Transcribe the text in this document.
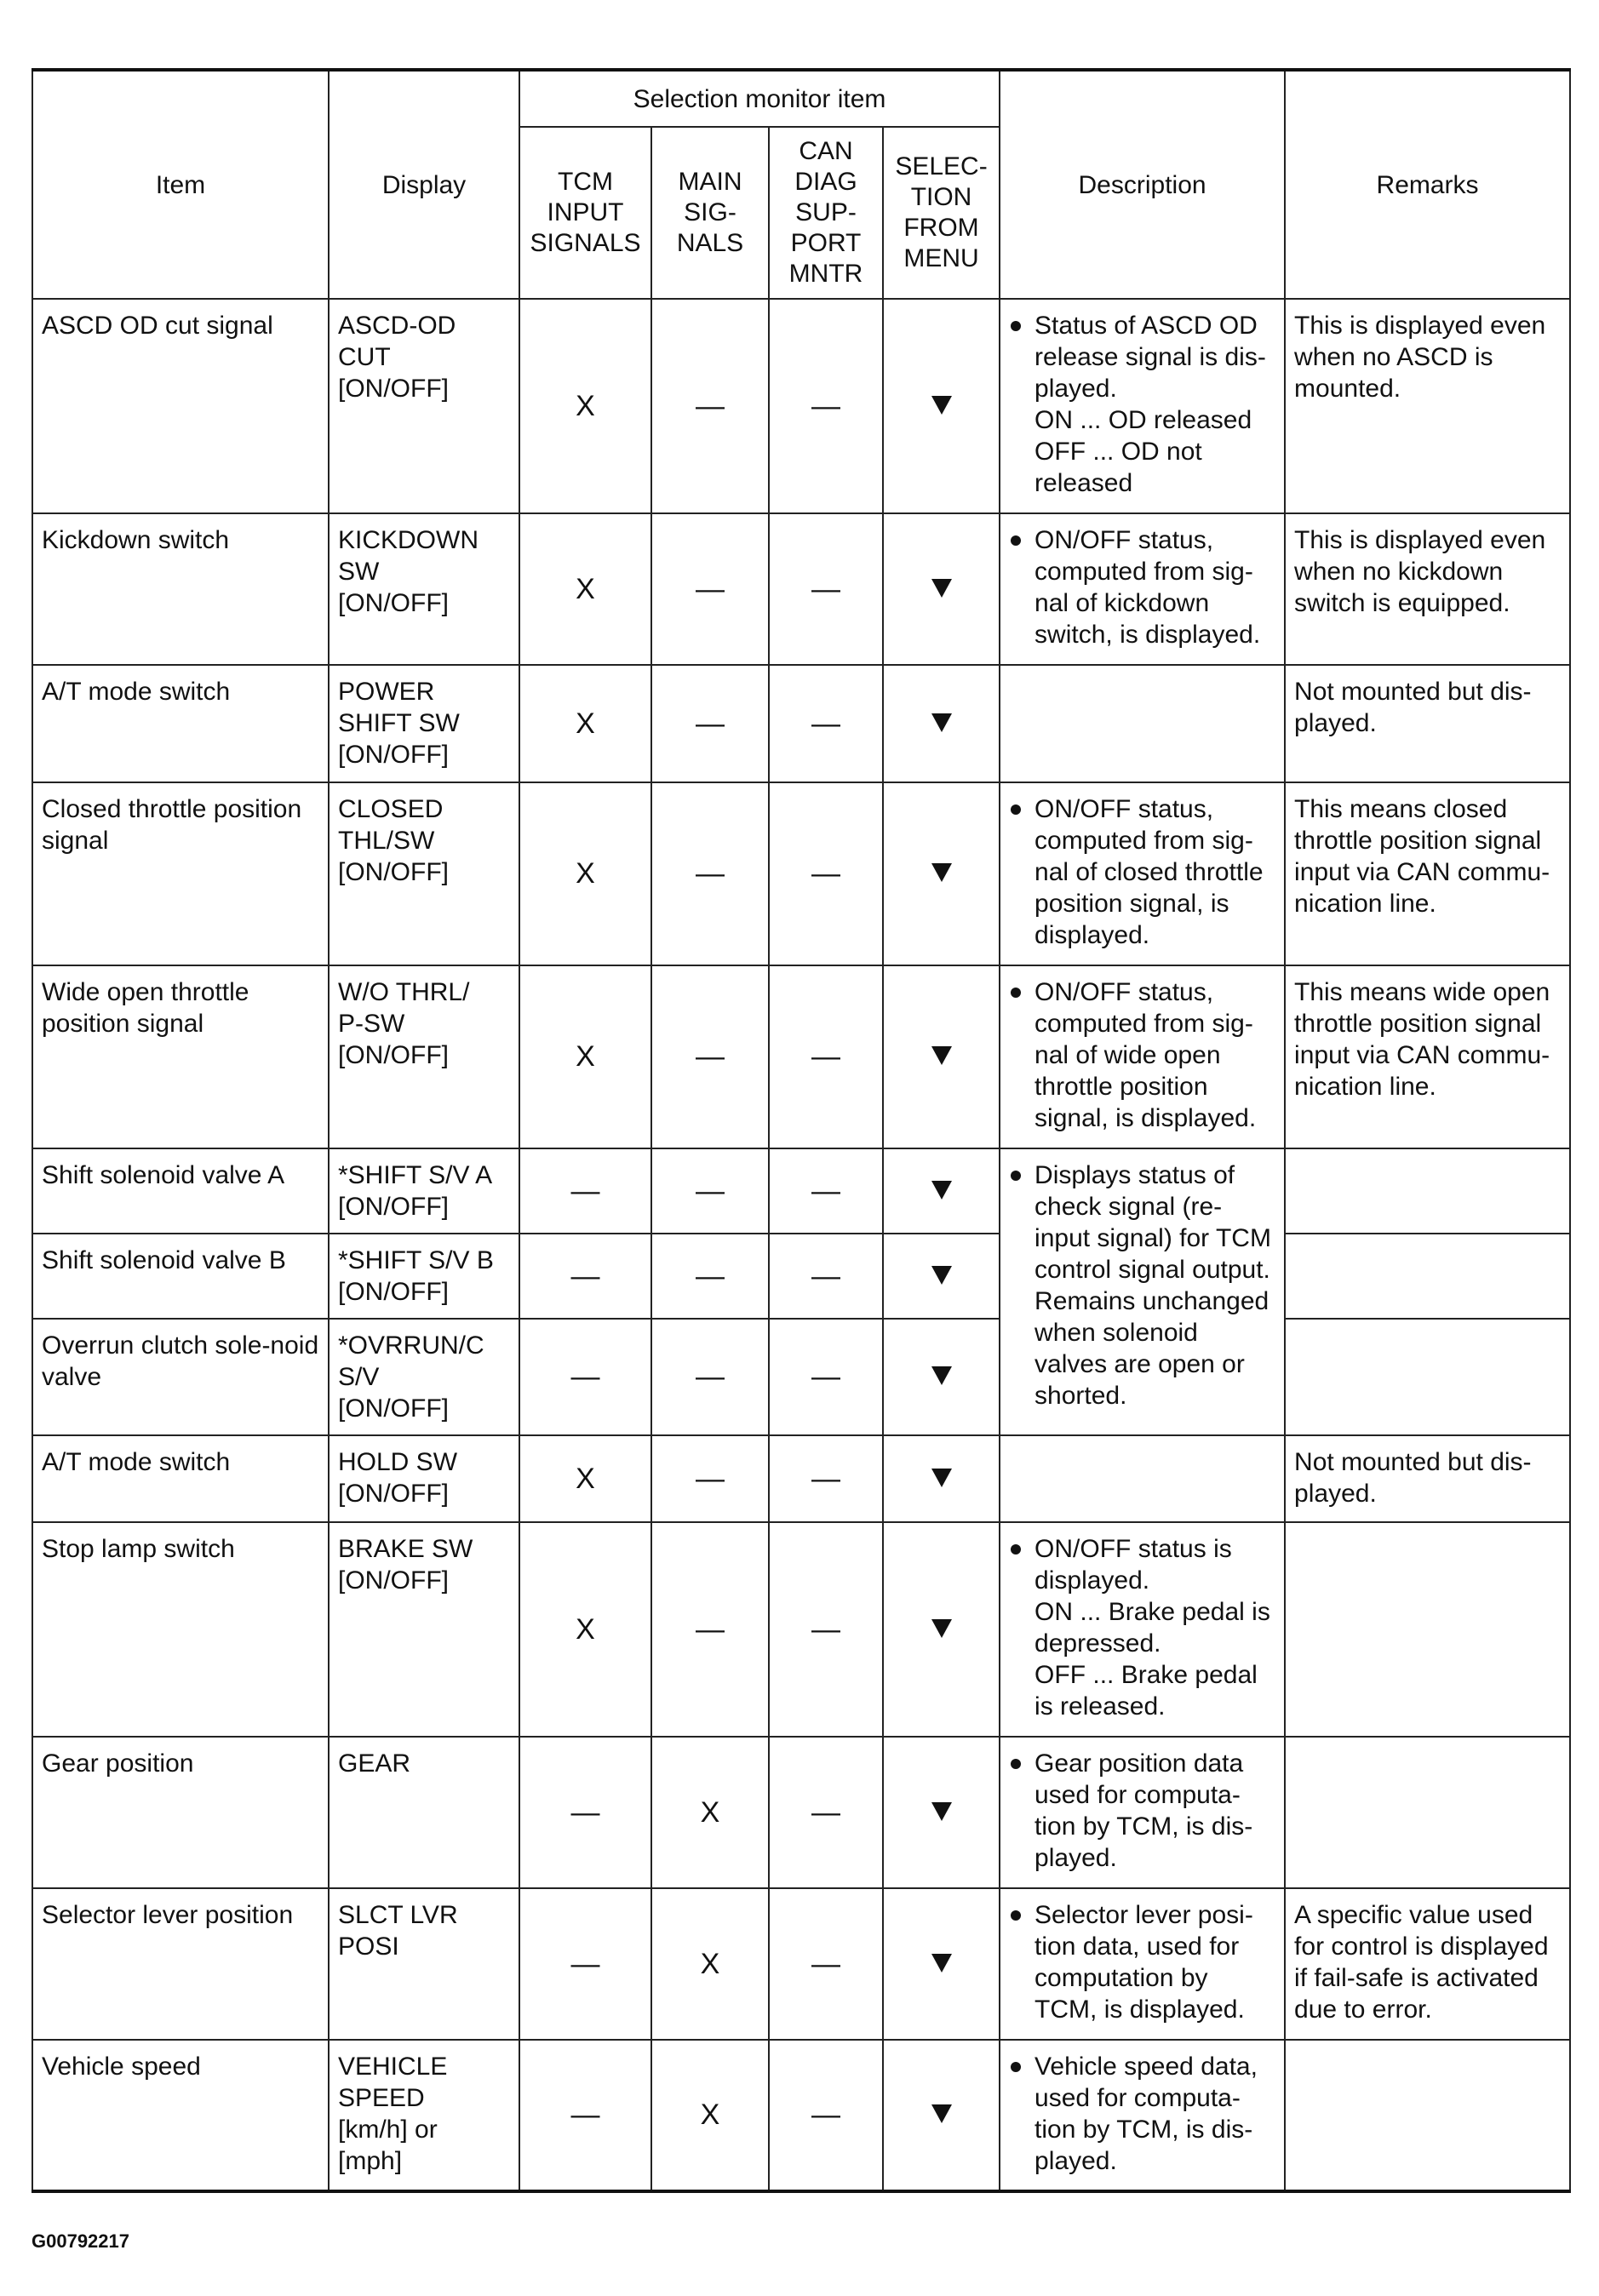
Item	Display	Selection monitor item				Description	Remarks
		TCM
INPUT
SIGNALS	MAIN
SIG-
NALS	CAN
DIAG
SUP-
PORT
MNTR	SELEC-
TION
FROM
MENU		
ASCD OD cut signal	ASCD-OD
CUT
[ON/OFF]	X	—	—		Status of ASCD OD release signal is dis-played.
ON ... OD released
OFF ... OD not released	This is displayed even when no ASCD is mounted.
Kickdown switch	KICKDOWN
SW
[ON/OFF]	X	—	—		ON/OFF status, computed from sig-nal of kickdown switch, is displayed.	This is displayed even when no kickdown switch is equipped.
A/T mode switch	POWER
SHIFT SW
[ON/OFF]	X	—	—			Not mounted but dis-played.
Closed throttle position signal	CLOSED
THL/SW
[ON/OFF]	X	—	—		ON/OFF status, computed from sig-nal of closed throttle position signal, is displayed.	This means closed throttle position signal input via CAN commu-nication line.
Wide open throttle position signal	W/O THRL/
P-SW
[ON/OFF]	X	—	—		ON/OFF status, computed from sig-nal of wide open throttle position signal, is displayed.	This means wide open throttle position signal input via CAN commu-nication line.
Shift solenoid valve A	*SHIFT S/V A
[ON/OFF]	—	—	—		Displays status of check signal (re-input signal) for TCM control signal output. Remains unchanged when solenoid valves are open or shorted.	
Shift solenoid valve B	*SHIFT S/V B
[ON/OFF]	—	—	—			
Overrun clutch sole-noid valve	*OVRRUN/C
S/V
[ON/OFF]	—	—	—			
A/T mode switch	HOLD SW
[ON/OFF]	X	—	—			Not mounted but dis-played.
Stop lamp switch	BRAKE SW
[ON/OFF]	X	—	—		ON/OFF status is displayed.
ON ... Brake pedal is depressed.
OFF ... Brake pedal is released.	
Gear position	GEAR	—	X	—		Gear position data used for computa-tion by TCM, is dis-played.	
Selector lever position	SLCT LVR
POSI	—	X	—		Selector lever posi-tion data, used for computation by TCM, is displayed.	A specific value used for control is displayed if fail-safe is activated due to error.
Vehicle speed	VEHICLE
SPEED
[km/h] or
[mph]	—	X	—		Vehicle speed data, used for computa-tion by TCM, is dis-played.	
G00792217
